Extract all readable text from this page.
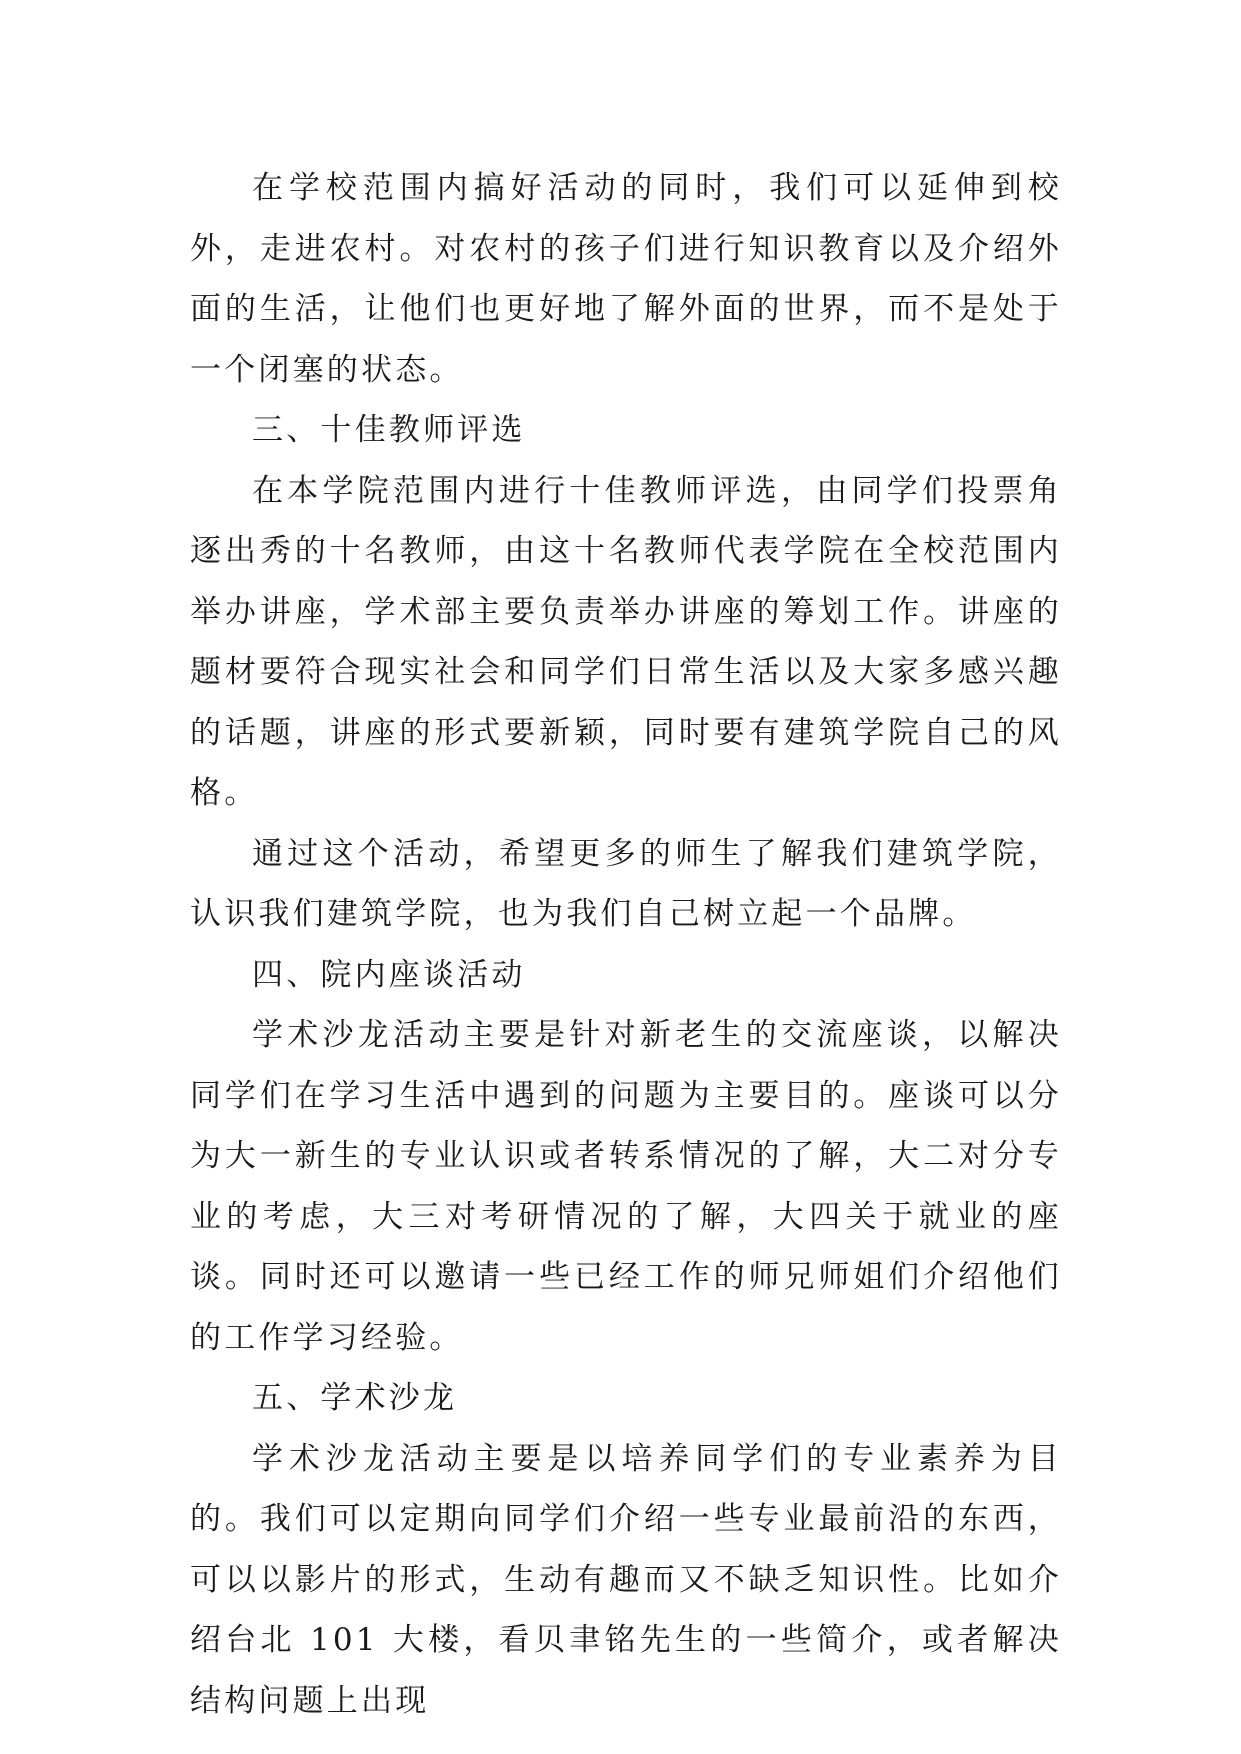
在学校范围内搞好活动的同时，我们可以延伸到校外，走进农村。对农村的孩子们进行知识教育以及介绍外面的生活，让他们也更好地了解外面的世界，而不是处于一个闭塞的状态。

三、十佳教师评选

在本学院范围内进行十佳教师评选，由同学们投票角逐出秀的十名教师，由这十名教师代表学院在全校范围内举办讲座，学术部主要负责举办讲座的筹划工作。讲座的题材要符合现实社会和同学们日常生活以及大家多感兴趣的话题，讲座的形式要新颖，同时要有建筑学院自己的风格。

通过这个活动，希望更多的师生了解我们建筑学院，认识我们建筑学院，也为我们自己树立起一个品牌。

四、院内座谈活动

学术沙龙活动主要是针对新老生的交流座谈，以解决同学们在学习生活中遇到的问题为主要目的。座谈可以分为大一新生的专业认识或者转系情况的了解，大二对分专业的考虑，大三对考研情况的了解，大四关于就业的座谈。同时还可以邀请一些已经工作的师兄师姐们介绍他们的工作学习经验。

五、学术沙龙

学术沙龙活动主要是以培养同学们的专业素养为目的。我们可以定期向同学们介绍一些专业最前沿的东西，可以以影片的形式，生动有趣而又不缺乏知识性。比如介绍台北 101 大楼，看贝聿铭先生的一些简介，或者解决结构问题上出现
